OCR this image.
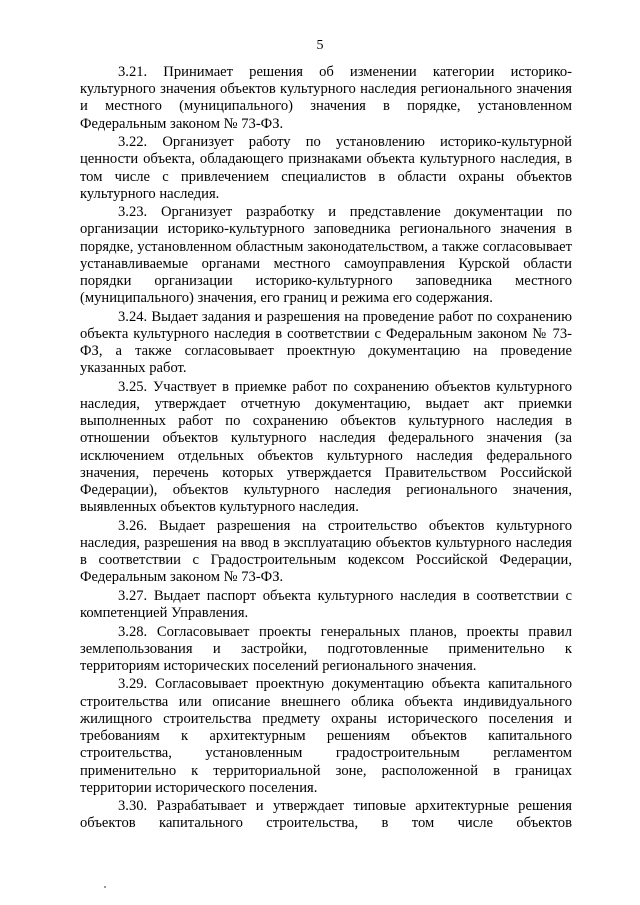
5

3.21. Принимает решения об изменении категории историко-культурного значения объектов культурного наследия регионального значения и местного (муниципального) значения в порядке, установленном Федеральным законом № 73-ФЗ.

3.22. Организует работу по установлению историко-культурной ценности объекта, обладающего признаками объекта культурного наследия, в том числе с привлечением специалистов в области охраны объектов культурного наследия.

3.23. Организует разработку и представление документации по организации историко-культурного заповедника регионального значения в порядке, установленном областным законодательством, а также согласовывает устанавливаемые органами местного самоуправления Курской области порядки организации историко-культурного заповедника местного (муниципального) значения, его границ и режима его содержания.

3.24. Выдает задания и разрешения на проведение работ по сохранению объекта культурного наследия в соответствии с Федеральным законом № 73-ФЗ, а также согласовывает проектную документацию на проведение указанных работ.

3.25. Участвует в приемке работ по сохранению объектов культурного наследия, утверждает отчетную документацию, выдает акт приемки выполненных работ по сохранению объектов культурного наследия в отношении объектов культурного наследия федерального значения (за исключением отдельных объектов культурного наследия федерального значения, перечень которых утверждается Правительством Российской Федерации), объектов культурного наследия регионального значения, выявленных объектов культурного наследия.

3.26. Выдает разрешения на строительство объектов культурного наследия, разрешения на ввод в эксплуатацию объектов культурного наследия в соответствии с Градостроительным кодексом Российской Федерации, Федеральным законом № 73-ФЗ.

3.27. Выдает паспорт объекта культурного наследия в соответствии с компетенцией Управления.

3.28. Согласовывает проекты генеральных планов, проекты правил землепользования и застройки, подготовленные применительно к территориям исторических поселений регионального значения.

3.29. Согласовывает проектную документацию объекта капитального строительства или описание внешнего облика объекта индивидуального жилищного строительства предмету охраны исторического поселения и требованиям к архитектурным решениям объектов капитального строительства, установленным градостроительным регламентом применительно к территориальной зоне, расположенной в границах территории исторического поселения.

3.30. Разрабатывает и утверждает типовые архитектурные решения объектов капитального строительства, в том числе объектов
